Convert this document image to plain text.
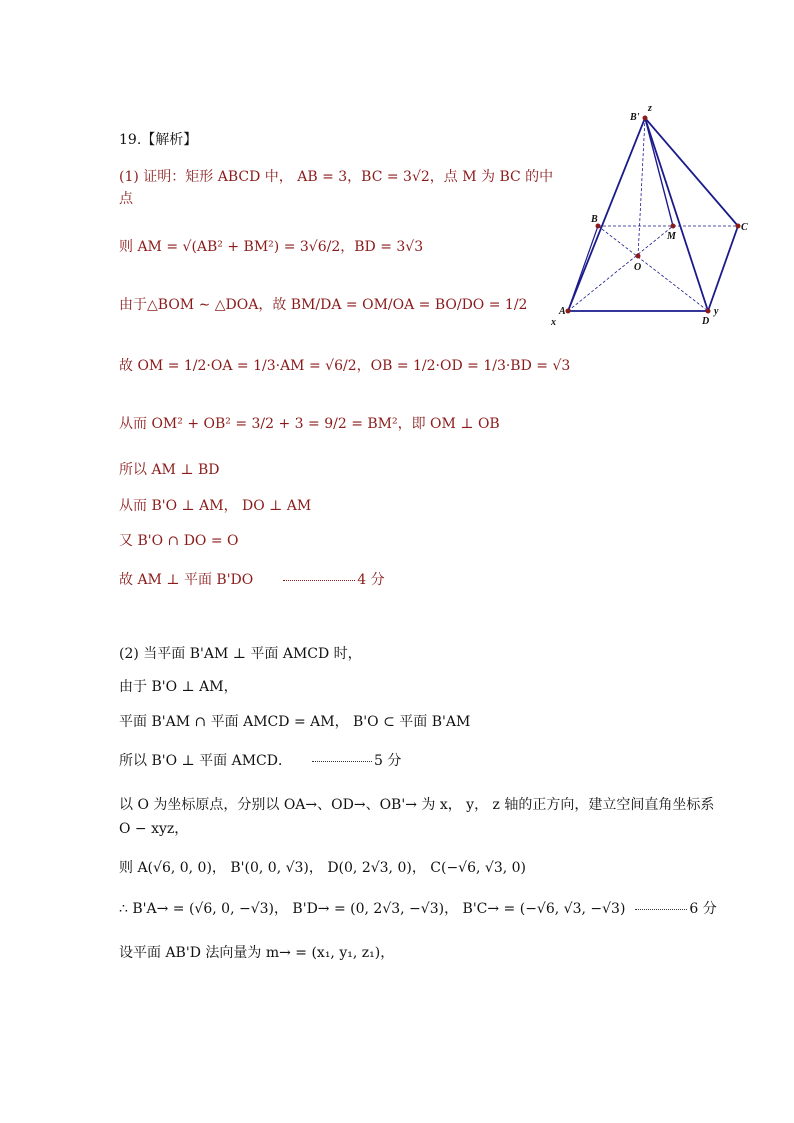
19.【解析】
(1) 证明：矩形 ABCD 中， AB = 3，BC = 3√2，点 M 为 BC 的中
点
则 AM = √(AB² + BM²) = 3√6/2，BD = 3√3
由于△BOM ∼ △DOA，故 BM/DA = OM/OA = BO/DO = 1/2
故 OM = 1/2·OA = 1/3·AM = √6/2，OB = 1/2·OD = 1/3·BD = √3
从而 OM² + OB² = 3/2 + 3 = 9/2 = BM²，即 OM ⊥ OB
所以 AM ⊥ BD
从而 B'O ⊥ AM， DO ⊥ AM
又 B'O ∩ DO = O
故 AM ⊥ 平面 B'DO	4 分
(2) 当平面 B'AM ⊥ 平面 AMCD 时，
由于 B'O ⊥ AM，
平面 B'AM ∩ 平面 AMCD = AM， B'O ⊂ 平面 B'AM
所以 B'O ⊥ 平面 AMCD．	5 分
以 O 为坐标原点，分别以 OA→、OD→、OB'→ 为 x， y， z 轴的正方向，建立空间直角坐标系
O − xyz，
则 A(√6, 0, 0)， B'(0, 0, √3)， D(0, 2√3, 0)， C(−√6, √3, 0)
∴ B'A→ = (√6, 0, −√3)， B'D→ = (0, 2√3, −√3)， B'C→ = (−√6, √3, −√3)	6 分
设平面 AB'D 法向量为 m→ = (x₁, y₁, z₁)，
B'
z
B
M
C
O
A
x	D
y
